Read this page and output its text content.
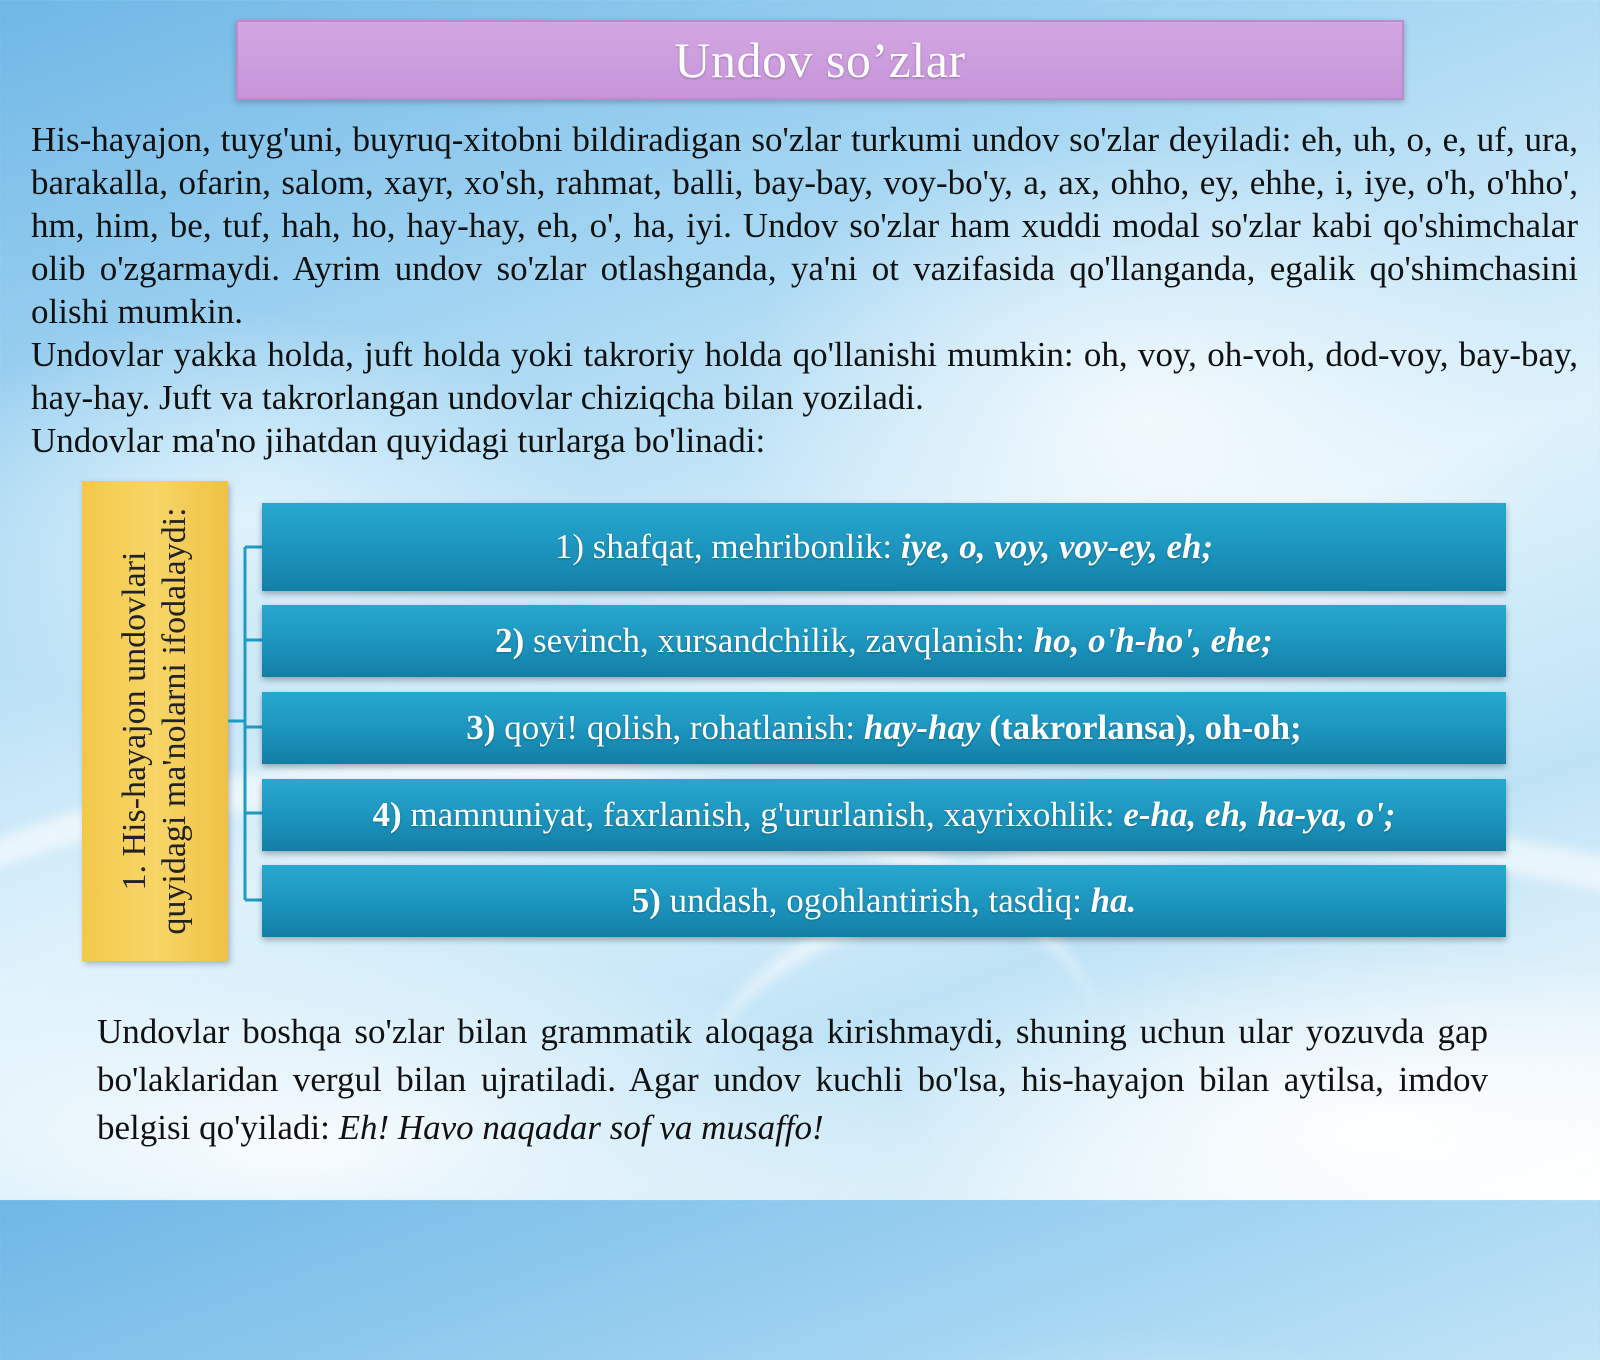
Undov so’zlar

His-hayajon, tuyg'uni, buyruq-xitobni bildiradigan so'zlar turkumi undov so'zlar deyiladi: eh, uh, o, e, uf, ura, barakalla, ofarin, salom, xayr, xo'sh, rahmat, balli, bay-bay, voy-bo'y, a, ax, ohho, ey, ehhe, i, iye, o'h, o'hho', hm, him, be, tuf, hah, ho, hay-hay, eh, o', ha, iyi. Undov so'zlar ham xuddi modal so'zlar kabi qo'shimchalar olib o'zgarmaydi. Ayrim undov so'zlar otlashganda, ya'ni ot vazifasida qo'llanganda, egalik qo'shimchasini olishi mumkin.

Undovlar yakka holda, juft holda yoki takroriy holda qo'llanishi mumkin: oh, voy, oh-voh, dod-voy, bay-bay, hay-hay. Juft va takrorlangan undovlar chiziqcha bilan yoziladi.

Undovlar ma'no jihatdan quyidagi turlarga bo'linadi:

1. His-hayajon undovlari quyidagi ma'nolarni ifodalaydi:	1) shafqat, mehribonlik: iye, o, voy, voy-ey, eh;
2) sevinch, xursandchilik, zavqlanish: ho, o'h-ho', ehe;
3) qoyi! qolish, rohatlanish: hay-hay (takrorlansa), oh-oh;
4) mamnuniyat, faxrlanish, g'ururlanish, xayrixohlik: e-ha, eh, ha-ya, o';
5) undash, ogohlantirish, tasdiq: ha.
Undovlar boshqa so'zlar bilan grammatik aloqaga kirishmaydi, shuning uchun ular yozuvda gap bo'laklaridan vergul bilan ujratiladi. Agar undov kuchli bo'lsa, his-hayajon bilan aytilsa, imdov belgisi qo'yiladi: Eh! Havo naqadar sof va musaffo!
